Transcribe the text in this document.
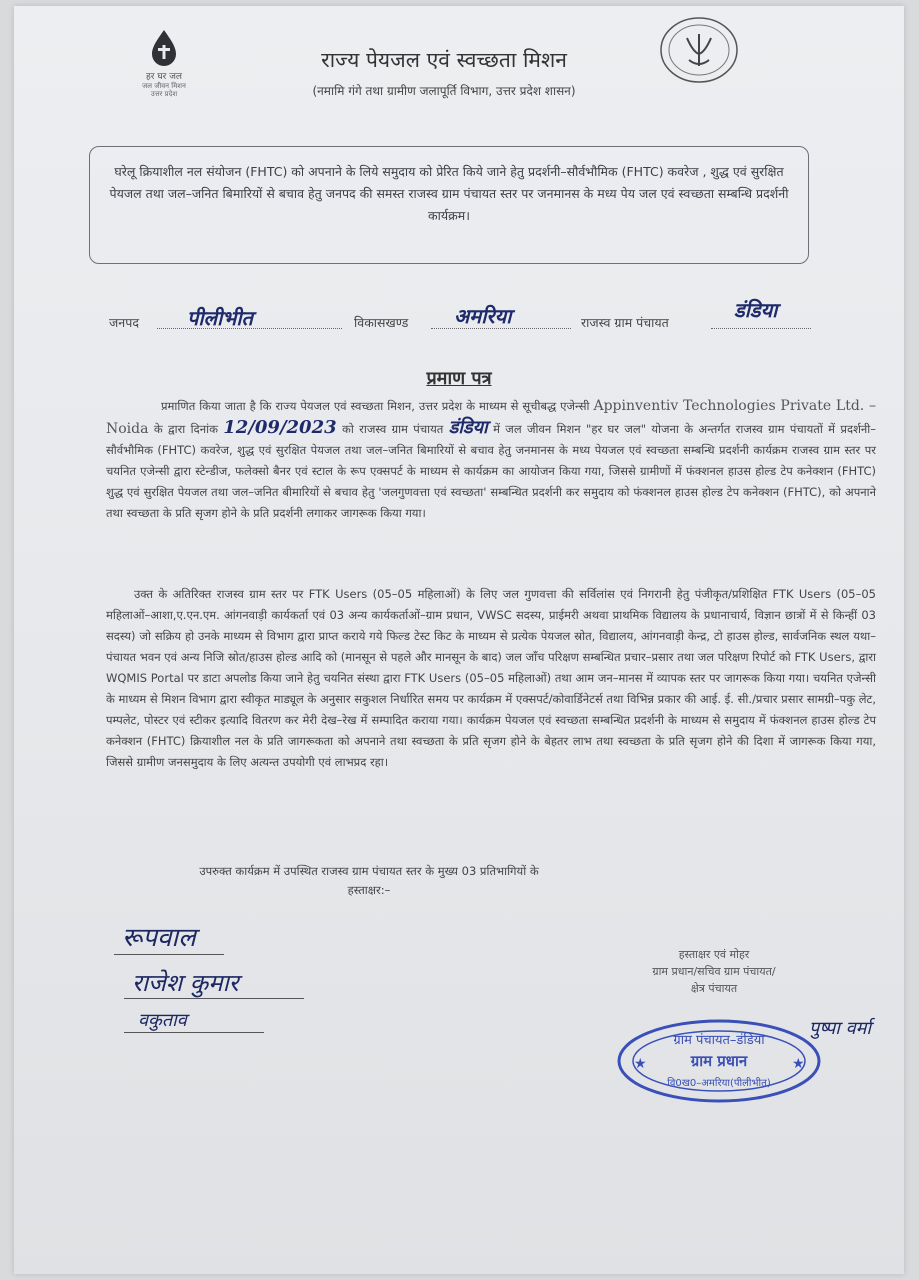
हर घर जल
जल जीवन मिशन
उत्तर प्रदेश
राज्य पेयजल एवं स्वच्छता मिशन
(नमामि गंगे तथा ग्रामीण जलापूर्ति विभाग, उत्तर प्रदेश शासन)
घरेलू क्रियाशील नल संयोजन (FHTC) को अपनाने के लिये समुदाय को प्रेरित किये जाने हेतु प्रदर्शनी–सौर्वभौमिक (FHTC) कवरेज , शुद्ध एवं सुरक्षित पेयजल तथा जल–जनित बिमारियों से बचाव हेतु जनपद की समस्त राजस्व ग्राम पंचायत स्तर पर जनमानस के मध्य पेय जल एवं स्वच्छता सम्बन्धि प्रदर्शनी कार्यक्रम।
जनपद पीलीभीत	विकासखण्ड अमरिया	राजस्व ग्राम पंचायत
डंडिया
प्रमाण पत्र

प्रमाणित किया जाता है कि राज्य पेयजल एवं स्वच्छता मिशन, उत्तर प्रदेश के माध्यम से सूचीबद्ध एजेन्सी Appinventiv Technologies Private Ltd. – Noida के द्वारा दिनांक 12/09/2023 को राजस्व ग्राम पंचायत डंडिया में जल जीवन मिशन "हर घर जल" योजना के अन्तर्गत राजस्व ग्राम पंचायतों में प्रदर्शनी–सौर्वभौमिक (FHTC) कवरेज, शुद्ध एवं सुरक्षित पेयजल तथा जल–जनित बिमारियों से बचाव हेतु जनमानस के मध्य पेयजल एवं स्वच्छता सम्बन्धि प्रदर्शनी कार्यक्रम राजस्व ग्राम स्तर पर चयनित एजेन्सी द्वारा स्टेन्डीज, फलेक्सो बैनर एवं स्टाल के रूप एक्सपर्ट के माध्यम से कार्यक्रम का आयोजन किया गया, जिससे ग्रामीणों में फंक्शनल हाउस होल्ड टेप कनेक्शन (FHTC) शुद्ध एवं सुरक्षित पेयजल तथा जल–जनित बीमारियों से बचाव हेतु 'जलगुणवत्ता एवं स्वच्छता' सम्बन्धित प्रदर्शनी कर समुदाय को फंक्शनल हाउस होल्ड टेप कनेक्शन (FHTC), को अपनाने तथा स्वच्छता के प्रति सृजग होने के प्रति प्रदर्शनी लगाकर जागरूक किया गया।

उक्त के अतिरिक्त राजस्व ग्राम स्तर पर FTK Users (05–05 महिलाओं) के लिए जल गुणवत्ता की सर्विलांस एवं निगरानी हेतु पंजीकृत/प्रशिक्षित FTK Users (05–05 महिलाओं–आशा,ए.एन.एम. आंगनवाड़ी कार्यकर्ता एवं 03 अन्य कार्यकर्ताओं–ग्राम प्रधान, VWSC सदस्य, प्राईमरी अथवा प्राथमिक विद्यालय के प्रधानाचार्य, विज्ञान छात्रों में से किन्हीं 03 सदस्य) जो सक्रिय हो उनके माध्यम से विभाग द्वारा प्राप्त कराये गये फिल्ड टेस्ट किट के माध्यम से प्रत्येक पेयजल स्रोत, विद्यालय, आंगनवाड़ी केन्द्र, टो हाउस होल्ड, सार्वजनिक स्थल यथा–पंचायत भवन एवं अन्य निजि स्रोत/हाउस होल्ड आदि को (मानसून से पहले और मानसून के बाद) जल जाँच परिक्षण सम्बन्धित प्रचार–प्रसार तथा जल परिक्षण रिपोर्ट को FTK Users, द्वारा WQMIS Portal पर डाटा अपलोड किया जाने हेतु चयनित संस्था द्वारा FTK Users (05–05 महिलाओं) तथा आम जन–मानस में व्यापक स्तर पर जागरूक किया गया। चयनित एजेन्सी के माध्यम से मिशन विभाग द्वारा स्वीकृत माड्यूल के अनुसार सकुशल निर्धारित समय पर कार्यक्रम में एक्सपर्ट/कोवार्डिनेटर्स तथा विभिन्न प्रकार की आई. ई. सी./प्रचार प्रसार सामग्री–पकु लेट, पम्पलेट, पोस्टर एवं स्टीकर इत्यादि वितरण कर मेरी देख–रेख में सम्पादित कराया गया। कार्यक्रम पेयजल एवं स्वच्छता सम्बन्धित प्रदर्शनी के माध्यम से समुदाय में फंक्शनल हाउस होल्ड टेप कनेक्शन (FHTC) क्रियाशील नल के प्रति जागरूकता को अपनाने तथा स्वच्छता के प्रति सृजग होने के बेहतर लाभ तथा स्वच्छता के प्रति सृजग होने की दिशा में जागरूक किया गया, जिससे ग्रामीण जनसमुदाय के लिए अत्यन्त उपयोगी एवं लाभप्रद रहा।

उपरुक्त कार्यक्रम में उपस्थित राजस्व ग्राम पंचायत स्तर के मुख्य 03 प्रतिभागियों के
हस्ताक्षर:–
रूपवाल
राजेश कुमार
वकुताव
हस्ताक्षर एवं मोहर
ग्राम प्रधान/सचिव ग्राम पंचायत/
क्षेत्र पंचायत
ग्राम पंचायत–डंडिया
ग्राम प्रधान
वि0ख0–अमरिया(पीलीभीत)
★	★
पुष्पा वर्मा
